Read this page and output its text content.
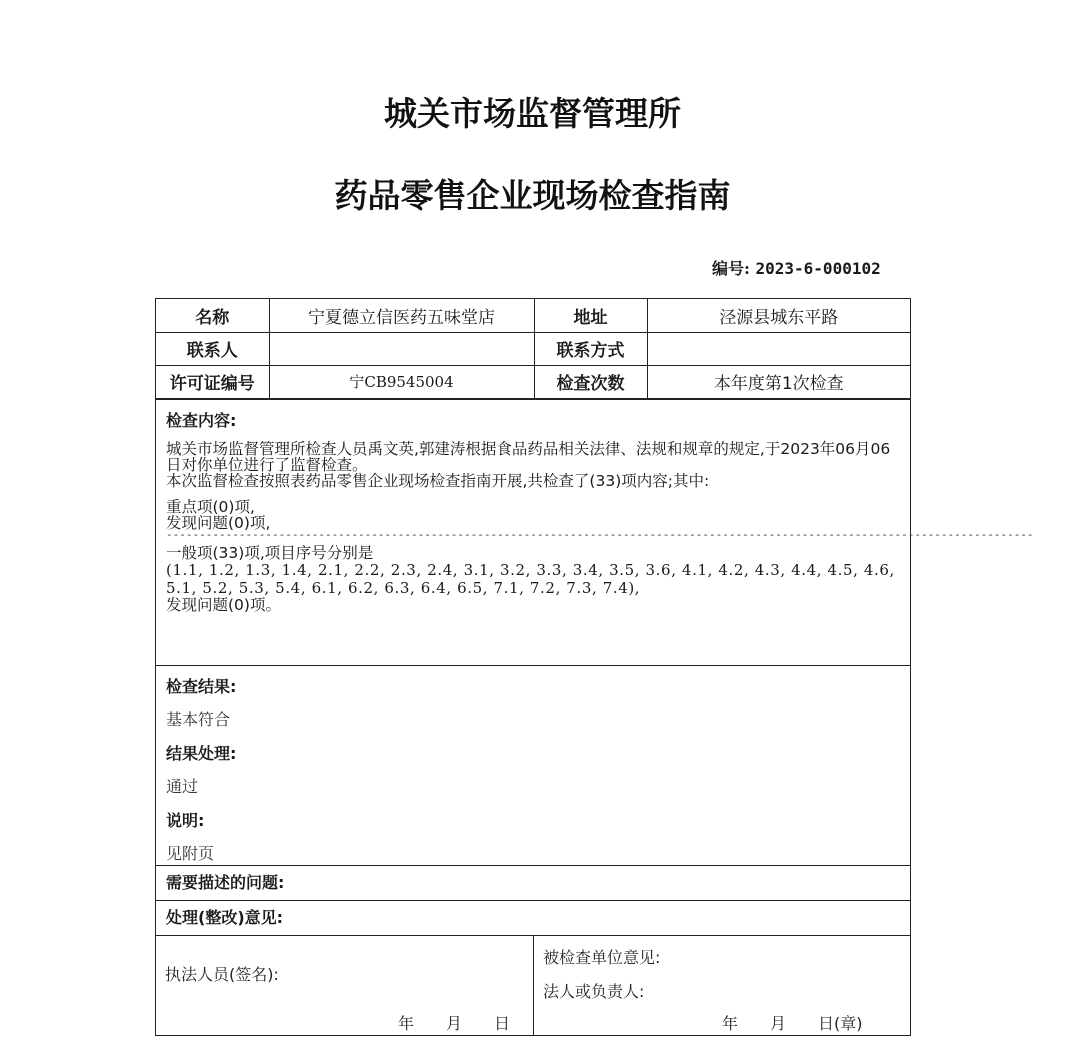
城关市场监督管理所
药品零售企业现场检查指南
编号: 2023-6-000102
名称	宁夏德立信医药五味堂店	地址	泾源县城东平路
联系人		联系方式	
许可证编号	宁CB9545004	检查次数	本年度第1次检查
检查内容:
城关市场监督管理所检查人员禹文英,郭建涛根据食品药品相关法律、法规和规章的规定,于2023年06月06日对你单位进行了监督检查。
本次监督检查按照表药品零售企业现场检查指南开展,共检查了(33)项内容;其中:
重点项(0)项,
发现问题(0)项,
-----------------------------------------------------------------------------------------------------------------------------------
一般项(33)项,项目序号分别是
(1.1, 1.2, 1.3, 1.4, 2.1, 2.2, 2.3, 2.4, 3.1, 3.2, 3.3, 3.4, 3.5, 3.6, 4.1, 4.2, 4.3, 4.4, 4.5, 4.6, 5.1, 5.2, 5.3, 5.4, 6.1, 6.2, 6.3, 6.4, 6.5, 7.1, 7.2, 7.3, 7.4),
发现问题(0)项。
检查结果:
基本符合
结果处理:
通过
说明:
见附页
需要描述的问题:
处理(整改)意见:
执法人员(签名):
年　　月　　日
被检查单位意见:
法人或负责人:
年　　月　　日(章)
